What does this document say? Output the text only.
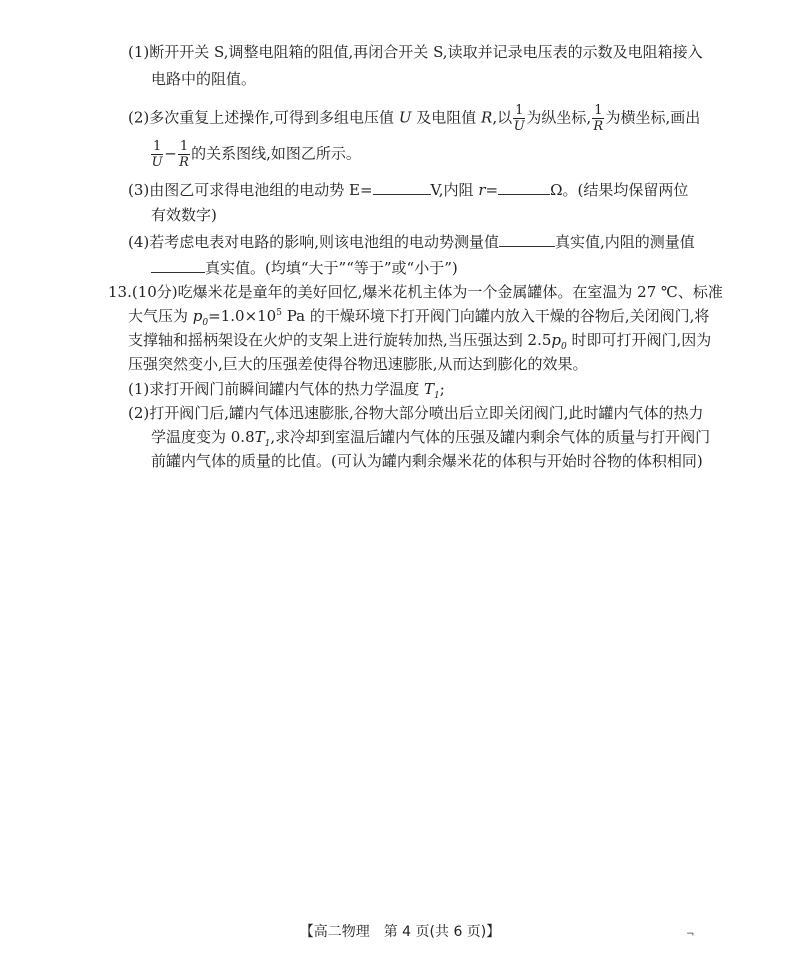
(1)断开开关 S,调整电阻箱的阻值,再闭合开关 S,读取并记录电压表的示数及电阻箱接入
电路中的阻值。
(2)多次重复上述操作,可得到多组电压值 U 及电阻值 R,以 $\frac{1}{U}$ 为纵坐标, $\frac{1}{R}$ 为横坐标,画出
$\frac{1}{U} - \frac{1}{R}$ 的关系图线,如图乙所示。
(3)由图乙可求得电池组的电动势 E=	V,内阻 r=	Ω。(结果均保留两位
有效数字)
(4)若考虑电表对电路的影响,则该电池组的电动势测量值	真实值,内阻的测量值
真实值。(均填“大于”“等于”或“小于”)
13.(10分)吃爆米花是童年的美好回忆,爆米花机主体为一个金属罐体。在室温为 27 ℃、标准
大气压为 $p_0=1.0\times 10^5$ Pa 的干燥环境下打开阀门向罐内放入干燥的谷物后,关闭阀门,将
支撑轴和摇柄架设在火炉的支架上进行旋转加热,当压强达到 $2.5p_0$ 时即可打开阀门,因为
压强突然变小,巨大的压强差使得谷物迅速膨胀,从而达到膨化的效果。
(1)求打开阀门前瞬间罐内气体的热力学温度 $T_1$;
(2)打开阀门后,罐内气体迅速膨胀,谷物大部分喷出后立即关闭阀门,此时罐内气体的热力
学温度变为 $0.8T_1$,求冷却到室温后罐内气体的压强及罐内剩余气体的质量与打开阀门
前罐内气体的质量的比值。(可认为罐内剩余爆米花的体积与开始时谷物的体积相同)
【高二物理　第 4 页(共 6 页)】	¬
